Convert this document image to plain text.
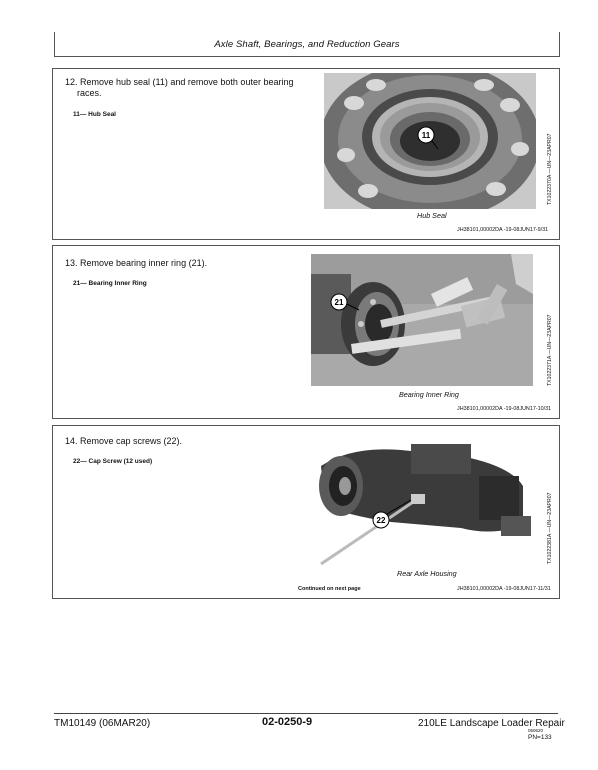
Axle Shaft, Bearings, and Reduction Gears
12. Remove hub seal (11) and remove both outer bearing
races.
11— Hub Seal
11
Hub Seal
TX1022370A —UN—23APR07
JH38101,00002DA -19-08JUN17-9/31
13. Remove bearing inner ring (21).
21— Bearing Inner Ring
21
Bearing Inner Ring
TX1022371A —UN—23APR07
JH38101,00002DA -19-08JUN17-10/31
14. Remove cap screws (22).
22— Cap Screw (12 used)
22
Rear Axle Housing
TX1022381A —UN—23APR07
Continued on next page	JH38101,00002DA -19-08JUN17-11/31
TM10149 (06MAR20)	02-0250-9	210LE Landscape Loader Repair
050620
PN=133
